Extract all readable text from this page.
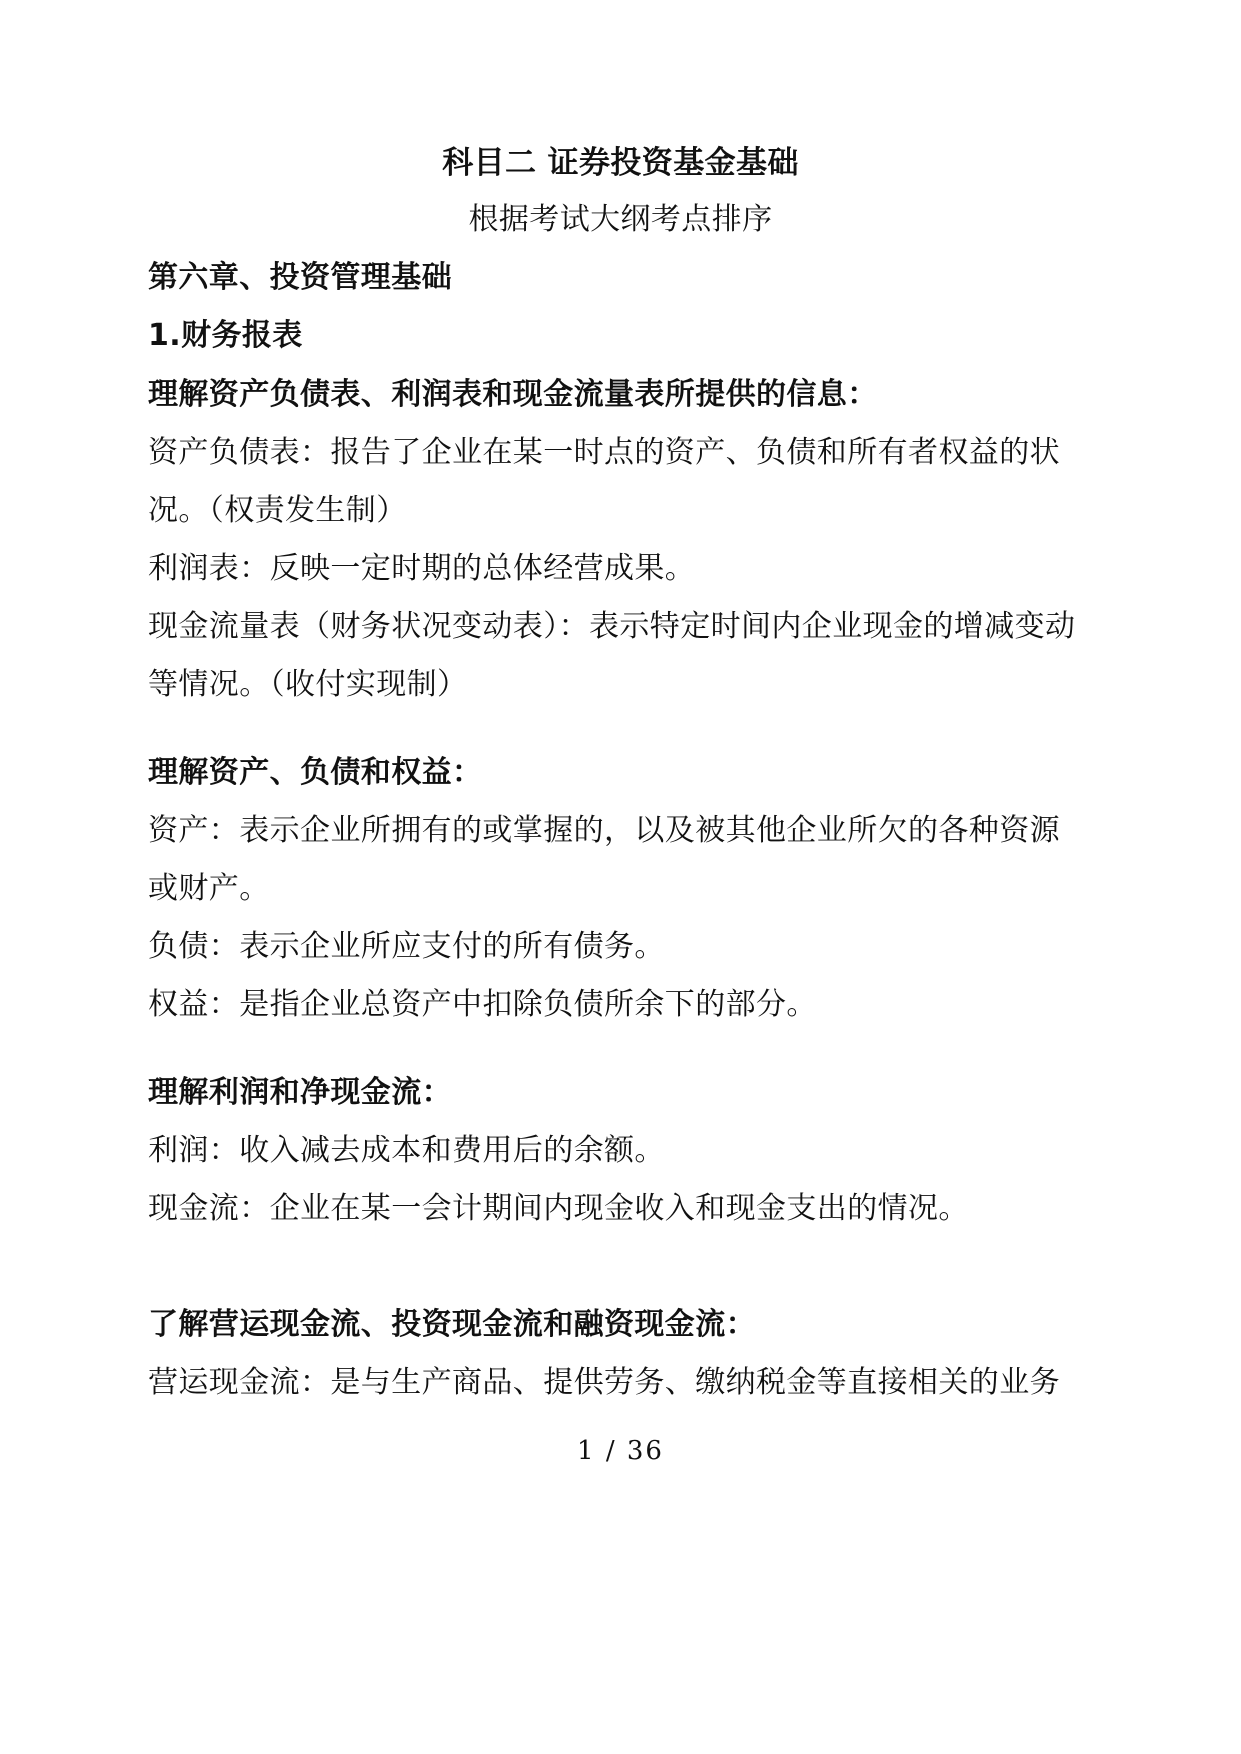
科目二 证券投资基金基础
根据考试大纲考点排序
第六章、投资管理基础
1.财务报表
理解资产负债表、利润表和现金流量表所提供的信息：
资产负债表：报告了企业在某一时点的资产、负债和所有者权益的状
况。（权责发生制）
利润表：反映一定时期的总体经营成果。
现金流量表（财务状况变动表）：表示特定时间内企业现金的增减变动
等情况。（收付实现制）
理解资产、负债和权益：
资产：表示企业所拥有的或掌握的，以及被其他企业所欠的各种资源
或财产。
负债：表示企业所应支付的所有债务。
权益：是指企业总资产中扣除负债所余下的部分。
理解利润和净现金流：
利润：收入减去成本和费用后的余额。
现金流：企业在某一会计期间内现金收入和现金支出的情况。
了解营运现金流、投资现金流和融资现金流：
营运现金流：是与生产商品、提供劳务、缴纳税金等直接相关的业务
1 / 36
